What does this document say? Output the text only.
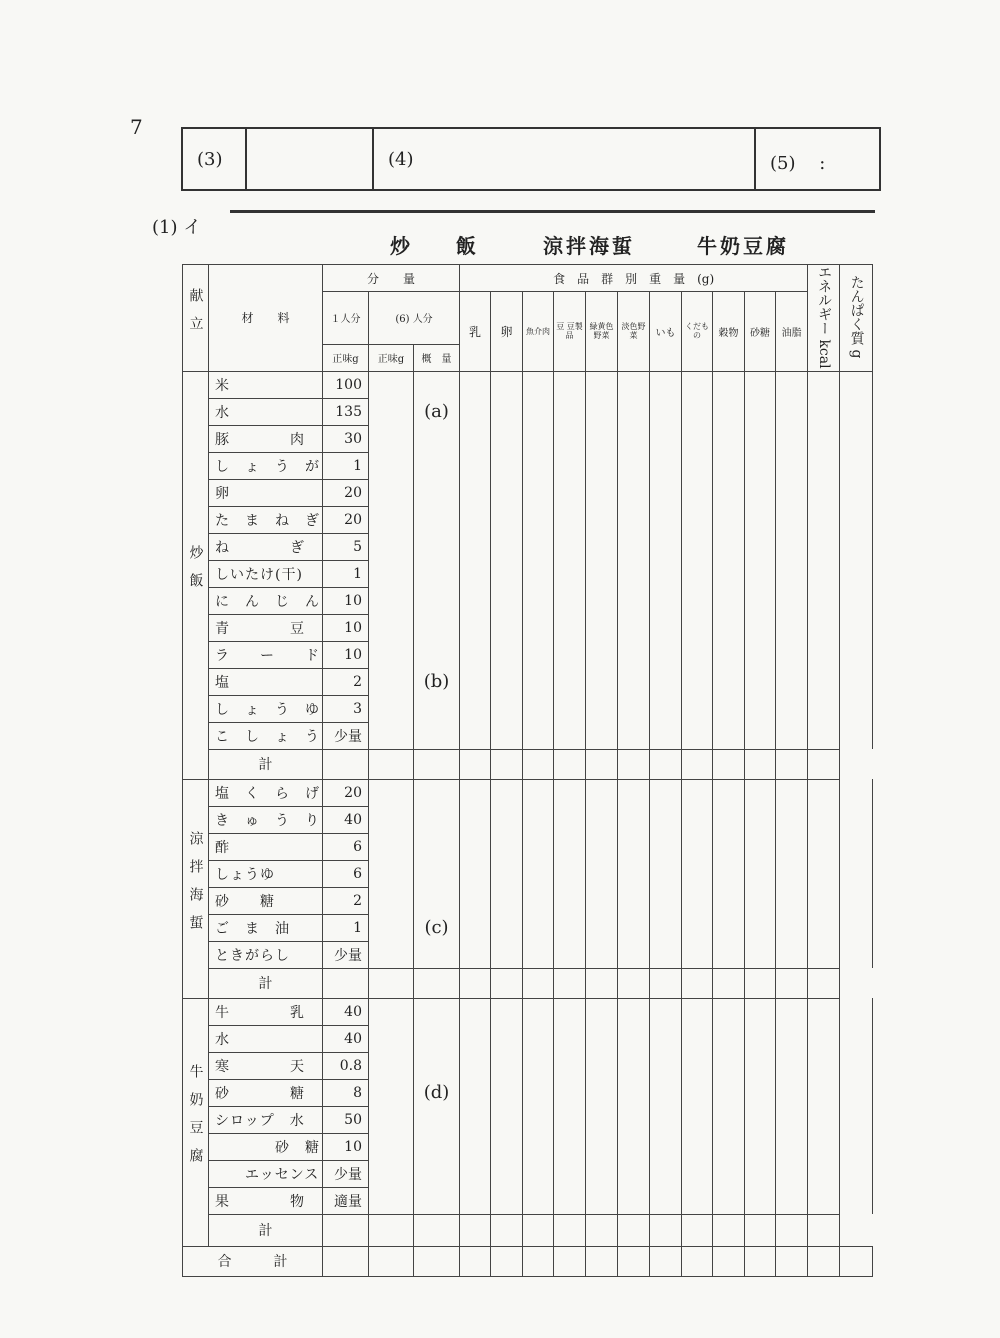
7
(3)	(4)	(5)　 :
(1) イ
炒 　 飯	涼拌海蜇	牛奶豆腐
献立	材　　料	分　　量			食　品　群　別　重　量　(g)											エネルギー kcal	たんぱく質 g
		１人分	(6) 人分		乳	卵	魚介肉	豆 豆製品	緑黄色野菜	淡色野菜	いも	くだもの	穀物	砂糖	油脂		
		正味g	正味g	概　量													
炒飯	米	100															
	水	135		(a)													
	豚　　　　肉	30															
	し　ょ　う　が	1															
	卵	20															
	た　ま　ね　ぎ	20															
	ね　　　　ぎ	5															
	しいたけ(干)	1															
	に　ん　じ　ん	10															
	青　　　　豆	10															
	ラ　　ー　　ド	10															
	塩	2		(b)													
	し　ょ　う　ゆ	3															
	こ　し　ょ　う	少量															
	計																
涼拌海蜇	塩　く　ら　げ	20															
	き　ゅ　う　り	40															
	酢	6															
	しょうゆ	6															
	砂　　糖	2															
	ご　ま　油	1		(c)													
	ときがらし	少量															
	計																
牛奶豆腐	牛　　　　乳	40															
	水	40															
	寒　　　　天	0.8															
	砂　　　　糖	8		(d)													
	シロップ　水	50															
	　　　　砂　糖	10															
	　　エッセンス	少量															
	果　　　　物	適量															
	計																
合　　　計																	
